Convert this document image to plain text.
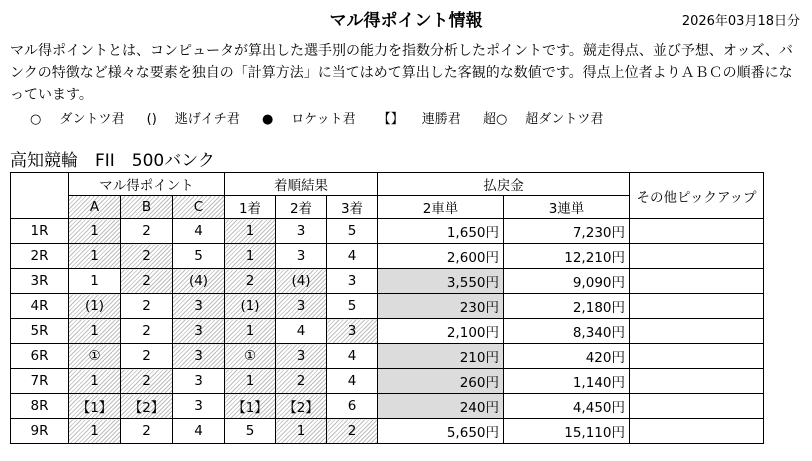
マル得ポイント情報	2026年03月18日分
マル得ポイントとは、コンピュータが算出した選手別の能力を指数分析したポイントです。競走得点、並び予想、オッズ、バンクの特徴など様々な要素を独自の「計算方法」に当てはめて算出した客観的な数値です。得点上位者よりＡＢＣの順番になっています。
○ ダントツ君 () 逃げイチ君 ● ロケット君 【】 連勝君 超○ 超ダントツ君
高知競輪　FII　500バンク
	マル得ポイント			着順結果			払戻金		その他ピックアップ
	A	B	C	1着	2着	3着	2車単	3連単	
1R	1	2	4	1	3	5	1,650円	7,230円	
2R	1	2	5	1	3	4	2,600円	12,210円	
3R	1	2	(4)	2	(4)	3	3,550円	9,090円	
4R	(1)	2	3	(1)	3	5	230円	2,180円	
5R	1	2	3	1	4	3	2,100円	8,340円	
6R	①	2	3	①	3	4	210円	420円	
7R	1	2	3	1	2	4	260円	1,140円	
8R	【1】	【2】	3	【1】	【2】	6	240円	4,450円	
9R	1	2	4	5	1	2	5,650円	15,110円	
